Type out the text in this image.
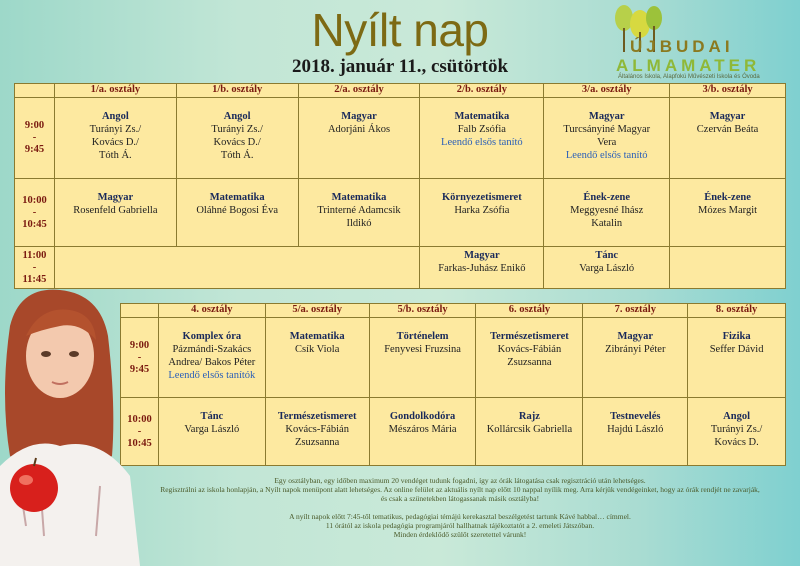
Nyílt nap
2018. január 11., csütörtök
ÚJBUDAI
ALMAMATER
Általános Iskola, Alapfokú Művészeti Iskola és Óvoda
	1/a. osztály	1/b. osztály	2/a. osztály	2/b. osztály	3/a. osztály	3/b. osztály

9:00
-
9:45	Angol
Turányi Zs./
Kovács D./
Tóth Á.	Angol
Turányi Zs./
Kovács D./
Tóth Á.	Magyar
Adorjáni Ákos	Matematika
Falb Zsófia
Leendő elsős tanító	Magyar
Turcsányiné Magyar
Vera
Leendő elsős tanító	Magyar
Czerván Beáta

10:00
-
10:45	Magyar
Rosenfeld Gabriella	Matematika
Oláhné Bogosi Éva	Matematika
Trinterné Adamcsik
Ildikó	Környezetismeret
Harka Zsófia	Ének-zene
Meggyesné Ihász
Katalin	Ének-zene
Mózes Margit

11:00
-
11:45				Magyar
Farkas-Juhász Enikő	Tánc
Varga László	

	4. osztály	5/a. osztály	5/b. osztály	6. osztály	7. osztály	8. osztály

9:00
-
9:45	Komplex óra
Pázmándi-Szakács
Andrea/ Bakos Péter
Leendő elsős tanítók	Matematika
Csík Viola	Történelem
Fenyvesi Fruzsina	Természetismeret
Kovács-Fábián
Zsuzsanna	Magyar
Zibrányi Péter	Fizika
Seffer Dávid

10:00
-
10:45	Tánc
Varga László	Természetismeret
Kovács-Fábián
Zsuzsanna	Gondolkodóra
Mészáros Mária	Rajz
Kollárcsik Gabriella	Testnevelés
Hajdú László	Angol
Turányi Zs./
Kovács D.

Egy osztályban, egy időben maximum 20 vendéget tudunk fogadni, így az órák látogatása csak regisztráció után lehetséges.

Regisztrálni az iskola honlapján, a Nyílt napok menüpont alatt lehetséges. Az online felület az aktuális nyílt nap előtt 10 nappal nyílik meg. Arra kérjük vendégeinket, hogy az órák rendjét ne zavarják,

és csak a szünetekben látogassanak másik osztályba!

A nyílt napok előtt 7:45-től tematikus, pedagógiai témájú kerekasztal beszélgetést tartunk Kávé habbal… címmel.

11 órától az iskola pedagógia programjáról hallhatnak tájékoztatót a 2. emeleti Játszóban.

Minden érdeklődő szülőt szeretettel várunk!
